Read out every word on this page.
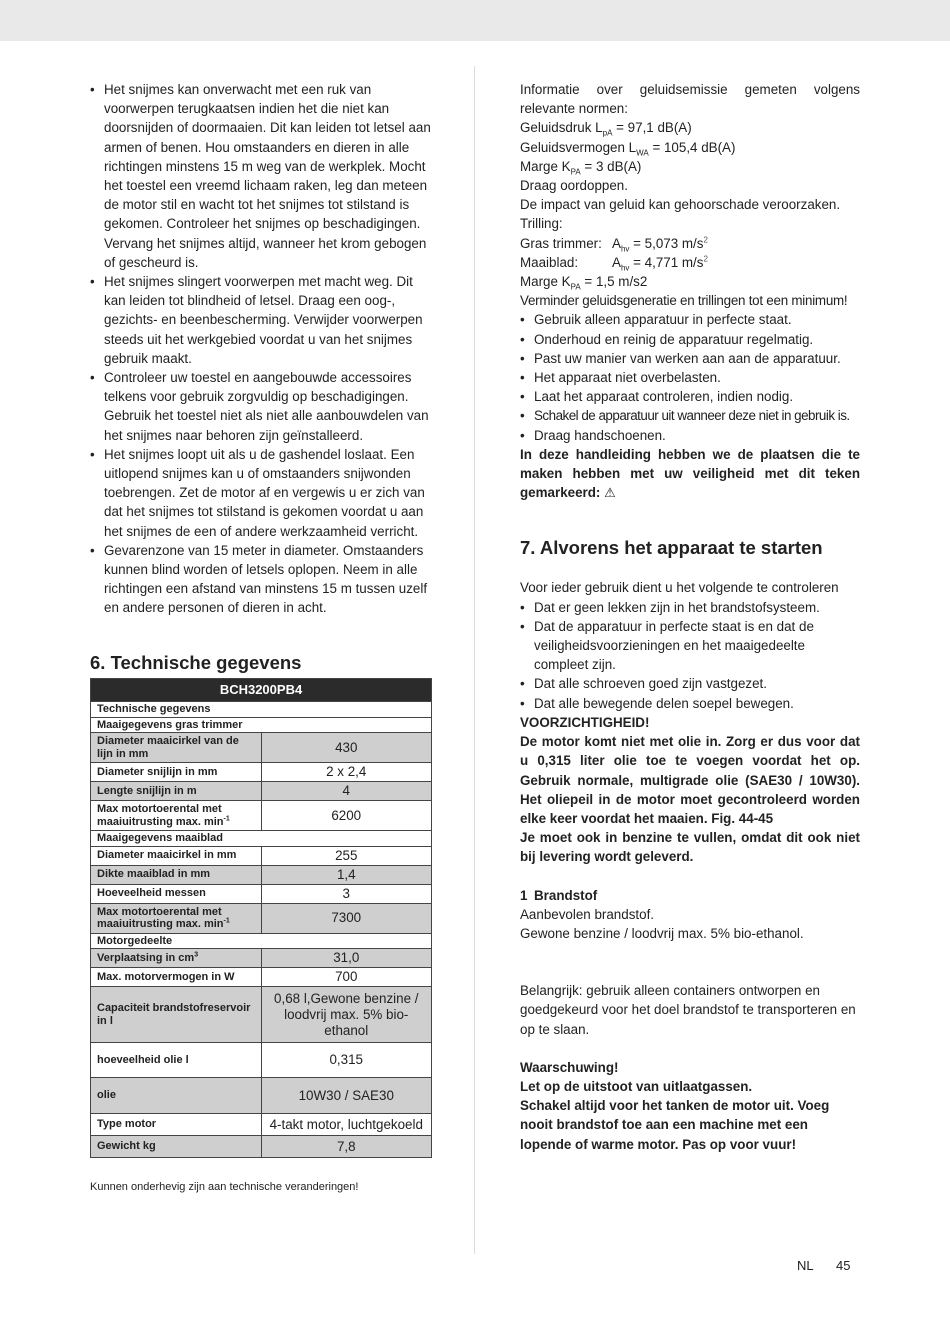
• Het snijmes kan onverwacht met een ruk van voorwerpen terugkaatsen indien het die niet kan doorsnijden of doormaaien. Dit kan leiden tot letsel aan armen of benen. Hou omstaanders en dieren in alle richtingen minstens 15 m weg van de werkplek. Mocht het toestel een vreemd lichaam raken, leg dan meteen de motor stil en wacht tot het snijmes tot stilstand is gekomen. Controleer het snijmes op beschadigingen. Vervang het snijmes altijd, wanneer het krom gebogen of gescheurd is.
• Het snijmes slingert voorwerpen met macht weg. Dit kan leiden tot blindheid of letsel. Draag een oog-, gezichts- en beenbescherming. Verwijder voorwerpen steeds uit het werkgebied voordat u van het snijmes gebruik maakt.
• Controleer uw toestel en aangebouwde accessoires telkens voor gebruik zorgvuldig op beschadigingen. Gebruik het toestel niet als niet alle aanbouwdelen van het snijmes naar behoren zijn geïnstalleerd.
• Het snijmes loopt uit als u de gashendel loslaat. Een uitlopend snijmes kan u of omstaanders snijwonden toebrengen. Zet de motor af en vergewis u er zich van dat het snijmes tot stilstand is gekomen voordat u aan het snijmes de een of andere werkzaamheid verricht.
• Gevarenzone van 15 meter in diameter. Omstaanders kunnen blind worden of letsels oplopen. Neem in alle richtingen een afstand van minstens 15 m tussen uzelf en andere personen of dieren in acht.
6. Technische gegevens
BCH3200PB4	
Technische gegevens	
Maaigegevens gras trimmer	
Diameter maaicirkel van de lijn in mm	430
Diameter snijlijn in mm	2 x 2,4
Lengte snijlijn in m	4
Max motortoerental met maaiuitrusting max. $\min^{-1}$	6200
Maaigegevens maaiblad	
Diameter maaicirkel in mm	255
Dikte maaiblad in mm	1,4
Hoeveelheid messen	3
Max motortoerental met maaiuitrusting max. $\min^{-1}$	7300
Motorgedeelte	
Verplaatsing in $cm^3$	31,0
Max. motorvermogen in W	700
Capaciteit brandstofreservoir in l	0,68 l,Gewone benzine / loodvrij max. 5% bio-ethanol
hoeveelheid olie l	0,315
olie	10W30 / SAE30
Type motor	4-takt motor, luchtgekoeld
Gewicht kg	7,8
Kunnen onderhevig zijn aan technische veranderingen!
Informatie over geluidsemissie gemeten volgens relevante normen:
Geluidsdruk $L_{pA} = 97,1$ dB(A)
Geluidsvermogen $L_{WA} = 105,4$ dB(A)
Marge $K_{PA} = 3$ dB(A)
Draag oordoppen.
De impact van geluid kan gehoorschade veroorzaken.
Trilling:
Gras trimmer: $A_{hv} = 5,073$ $m/s^2$
Maaiblad:	$A_{hv} = 4,771$ $m/s^2$
Marge $K_{PA} = 1,5$ m/s2
Verminder geluidsgeneratie en trillingen tot een minimum!
• Gebruik alleen apparatuur in perfecte staat.
• Onderhoud en reinig de apparatuur regelmatig.
• Past uw manier van werken aan aan de apparatuur.
• Het apparaat niet overbelasten.
• Laat het apparaat controleren, indien nodig.
• Schakel de apparatuur uit wanneer deze niet in gebruik is.
• Draag handschoenen.
In deze handleiding hebben we de plaatsen die te maken hebben met uw veiligheid met dit teken gemarkeerd: ⚠
7. Alvorens het apparaat te starten
Voor ieder gebruik dient u het volgende te controleren
• Dat er geen lekken zijn in het brandstofsysteem.
• Dat de apparatuur in perfecte staat is en dat de veiligheidsvoorzieningen en het maaigedeelte compleet zijn.
• Dat alle schroeven goed zijn vastgezet.
• Dat alle bewegende delen soepel bewegen.
VOORZICHTIGHEID!
De motor komt niet met olie in. Zorg er dus voor dat u 0,315 liter olie toe te voegen voordat het op. Gebruik normale, multigrade olie (SAE30 / 10W30). Het oliepeil in de motor moet gecontroleerd worden elke keer voordat het maaien. Fig. 44-45
Je moet ook in benzine te vullen, omdat dit ook niet bij levering wordt geleverd.
1 Brandstof
Aanbevolen brandstof.
Gewone benzine / loodvrij max. 5% bio-ethanol.
Belangrijk: gebruik alleen containers ontworpen en goedgekeurd voor het doel brandstof te transporteren en op te slaan.
Waarschuwing!
Let op de uitstoot van uitlaatgassen.
Schakel altijd voor het tanken de motor uit. Voeg nooit brandstof toe aan een machine met een lopende of warme motor. Pas op voor vuur!
NL 45
